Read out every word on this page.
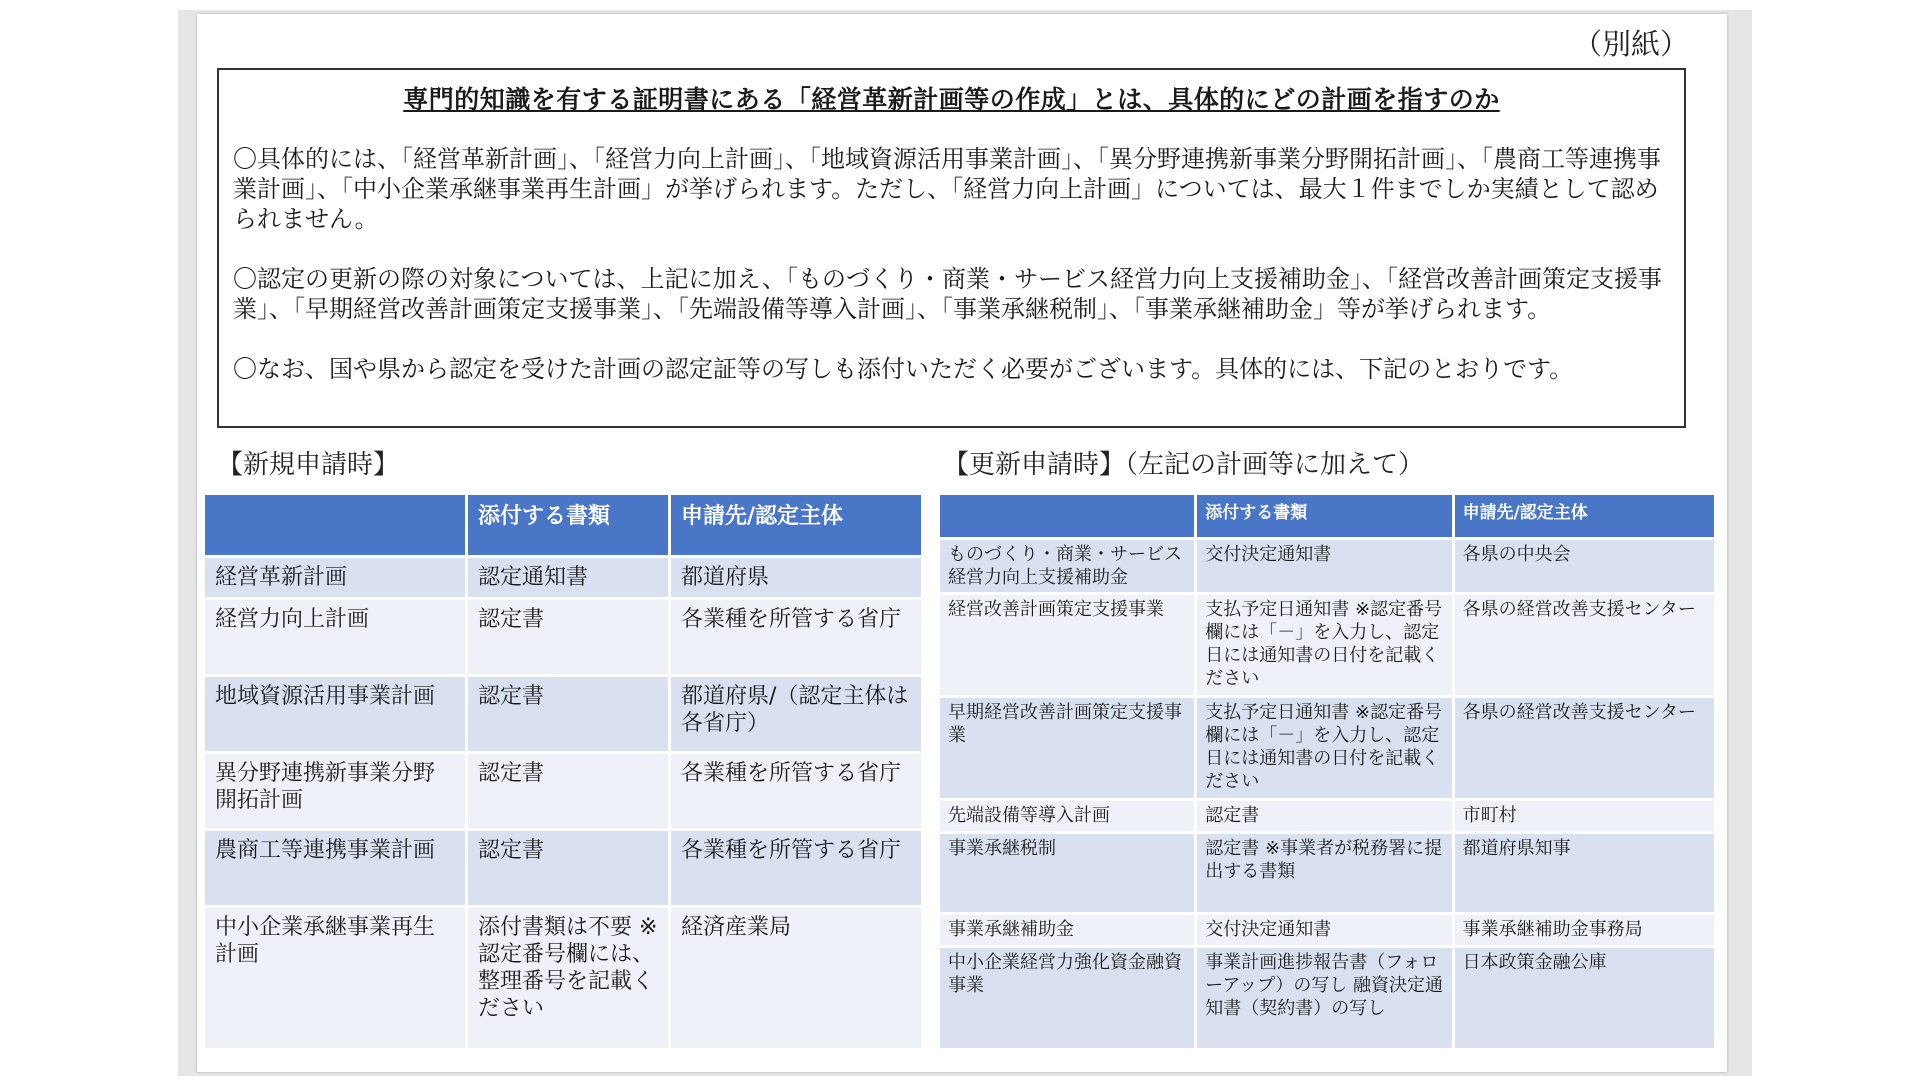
（別紙）
専門的知識を有する証明書にある「経営革新計画等の作成」とは、具体的にどの計画を指すのか

〇具体的には、「経営革新計画」、「経営力向上計画」、「地域資源活用事業計画」、「異分野連携新事業分野開拓計画」、「農商工等連携事業計画」、「中小企業承継事業再生計画」が挙げられます。ただし、「経営力向上計画」については、最大１件までしか実績として認められません。

〇認定の更新の際の対象については、上記に加え、「ものづくり・商業・サービス経営力向上支援補助金」、「経営改善計画策定支援事業」、「早期経営改善計画策定支援事業」、「先端設備等導入計画」、「事業承継税制」、「事業承継補助金」等が挙げられます。

〇なお、国や県から認定を受けた計画の認定証等の写しも添付いただく必要がございます。具体的には、下記のとおりです。

【新規申請時】	【更新申請時】（左記の計画等に加えて）
	添付する書類	申請先/認定主体
経営革新計画	認定通知書	都道府県
経営力向上計画	認定書	各業種を所管する省庁
地域資源活用事業計画	認定書	都道府県/（認定主体は各省庁）
異分野連携新事業分野開拓計画	認定書	各業種を所管する省庁
農商工等連携事業計画	認定書	各業種を所管する省庁
中小企業承継事業再生計画	添付書類は不要 ※認定番号欄には、整理番号を記載ください	経済産業局
	添付する書類	申請先/認定主体
ものづくり・商業・サービス経営力向上支援補助金	交付決定通知書	各県の中央会
経営改善計画策定支援事業	支払予定日通知書 ※認定番号欄には「－」を入力し、認定日には通知書の日付を記載ください	各県の経営改善支援センター
早期経営改善計画策定支援事業	支払予定日通知書 ※認定番号欄には「－」を入力し、認定日には通知書の日付を記載ください	各県の経営改善支援センター
先端設備等導入計画	認定書	市町村
事業承継税制	認定書 ※事業者が税務署に提出する書類	都道府県知事
事業承継補助金	交付決定通知書	事業承継補助金事務局
中小企業経営力強化資金融資事業	事業計画進捗報告書（フォローアップ）の写し 融資決定通知書（契約書）の写し	日本政策金融公庫
